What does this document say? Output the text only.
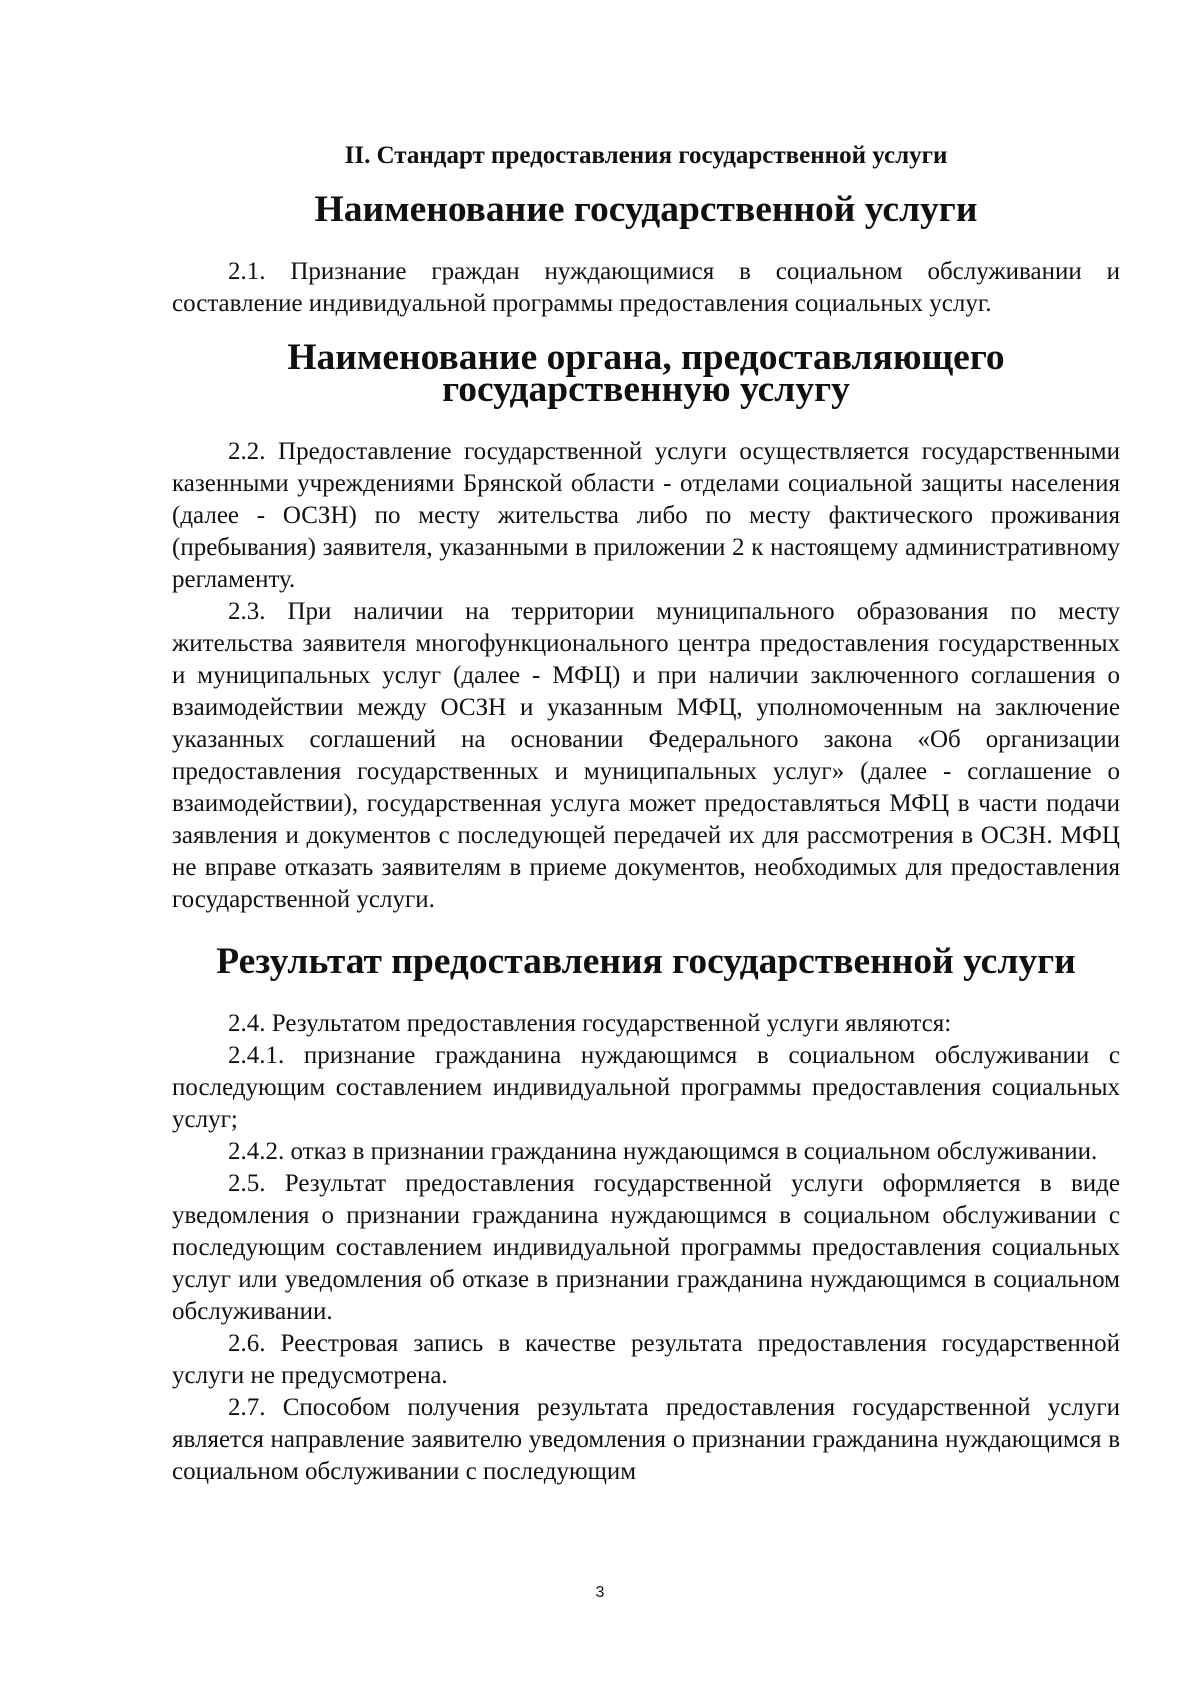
II. Стандарт предоставления государственной услуги
Наименование государственной услуги

2.1. Признание граждан нуждающимися в социальном обслуживании и составление индивидуальной программы предоставления социальных услуг.

Наименование органа, предоставляющего государственную услугу

2.2. Предоставление государственной услуги осуществляется государственными казенными учреждениями Брянской области - отделами социальной защиты населения (далее - ОСЗН) по месту жительства либо по месту фактического проживания (пребывания) заявителя, указанными в приложении 2 к настоящему административному регламенту.

2.3. При наличии на территории муниципального образования по месту жительства заявителя многофункционального центра предоставления государственных и муниципальных услуг (далее - МФЦ) и при наличии заключенного соглашения о взаимодействии между ОСЗН и указанным МФЦ, уполномоченным на заключение указанных соглашений на основании Федерального закона «Об организации предоставления государственных и муниципальных услуг» (далее - соглашение о взаимодействии), государственная услуга может предоставляться МФЦ в части подачи заявления и документов с последующей передачей их для рассмотрения в ОСЗН. МФЦ не вправе отказать заявителям в приеме документов, необходимых для предоставления государственной услуги.

Результат предоставления государственной услуги

2.4. Результатом предоставления государственной услуги являются:

2.4.1. признание гражданина нуждающимся в социальном обслуживании с последующим составлением индивидуальной программы предоставления социальных услуг;

2.4.2. отказ в признании гражданина нуждающимся в социальном обслуживании.

2.5. Результат предоставления государственной услуги оформляется в виде уведомления о признании гражданина нуждающимся в социальном обслуживании с последующим составлением индивидуальной программы предоставления социальных услуг или уведомления об отказе в признании гражданина нуждающимся в социальном обслуживании.

2.6. Реестровая запись в качестве результата предоставления государственной услуги не предусмотрена.

2.7. Способом получения результата предоставления государственной услуги является направление заявителю уведомления о признании гражданина нуждающимся в социальном обслуживании с последующим

3
